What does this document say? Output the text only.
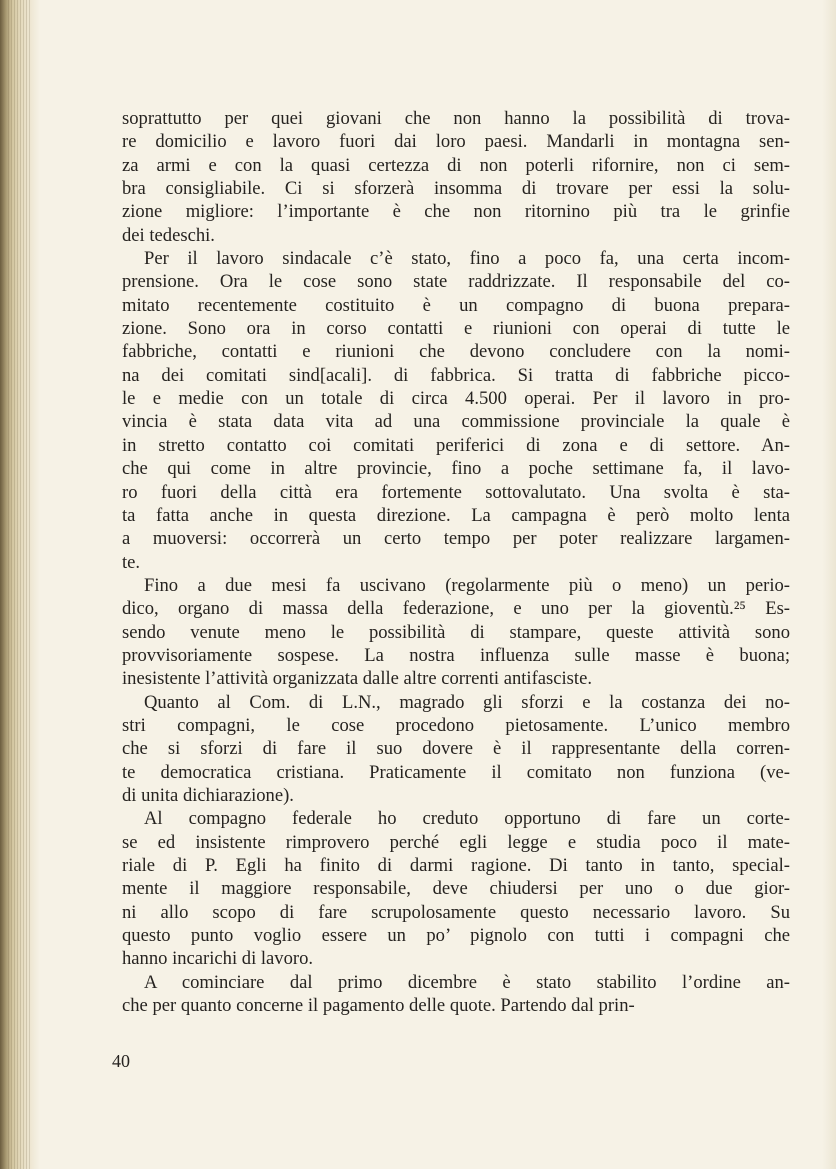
soprattutto per quei giovani che non hanno la possibilità di trova-
re domicilio e lavoro fuori dai loro paesi. Mandarli in montagna sen-
za armi e con la quasi certezza di non poterli rifornire, non ci sem-
bra consigliabile. Ci si sforzerà insomma di trovare per essi la solu-
zione migliore: l’importante è che non ritornino più tra le grinfie
dei tedeschi.
Per il lavoro sindacale c’è stato, fino a poco fa, una certa incom-
prensione. Ora le cose sono state raddrizzate. Il responsabile del co-
mitato recentemente costituito è un compagno di buona prepara-
zione. Sono ora in corso contatti e riunioni con operai di tutte le
fabbriche, contatti e riunioni che devono concludere con la nomi-
na dei comitati sind[acali]. di fabbrica. Si tratta di fabbriche picco-
le e medie con un totale di circa 4.500 operai. Per il lavoro in pro-
vincia è stata data vita ad una commissione provinciale la quale è
in stretto contatto coi comitati periferici di zona e di settore. An-
che qui come in altre provincie, fino a poche settimane fa, il lavo-
ro fuori della città era fortemente sottovalutato. Una svolta è sta-
ta fatta anche in questa direzione. La campagna è però molto lenta
a muoversi: occorrerà un certo tempo per poter realizzare largamen-
te.
Fino a due mesi fa uscivano (regolarmente più o meno) un perio-
dico, organo di massa della federazione, e uno per la gioventù.²⁵ Es-
sendo venute meno le possibilità di stampare, queste attività sono
provvisoriamente sospese. La nostra influenza sulle masse è buona;
inesistente l’attività organizzata dalle altre correnti antifasciste.
Quanto al Com. di L.N., magrado gli sforzi e la costanza dei no-
stri compagni, le cose procedono pietosamente. L’unico membro
che si sforzi di fare il suo dovere è il rappresentante della corren-
te democratica cristiana. Praticamente il comitato non funziona (ve-
di unita dichiarazione).
Al compagno federale ho creduto opportuno di fare un corte-
se ed insistente rimprovero perché egli legge e studia poco il mate-
riale di P. Egli ha finito di darmi ragione. Di tanto in tanto, special-
mente il maggiore responsabile, deve chiudersi per uno o due gior-
ni allo scopo di fare scrupolosamente questo necessario lavoro. Su
questo punto voglio essere un po’ pignolo con tutti i compagni che
hanno incarichi di lavoro.
A cominciare dal primo dicembre è stato stabilito l’ordine an-
che per quanto concerne il pagamento delle quote. Partendo dal prin-
40
